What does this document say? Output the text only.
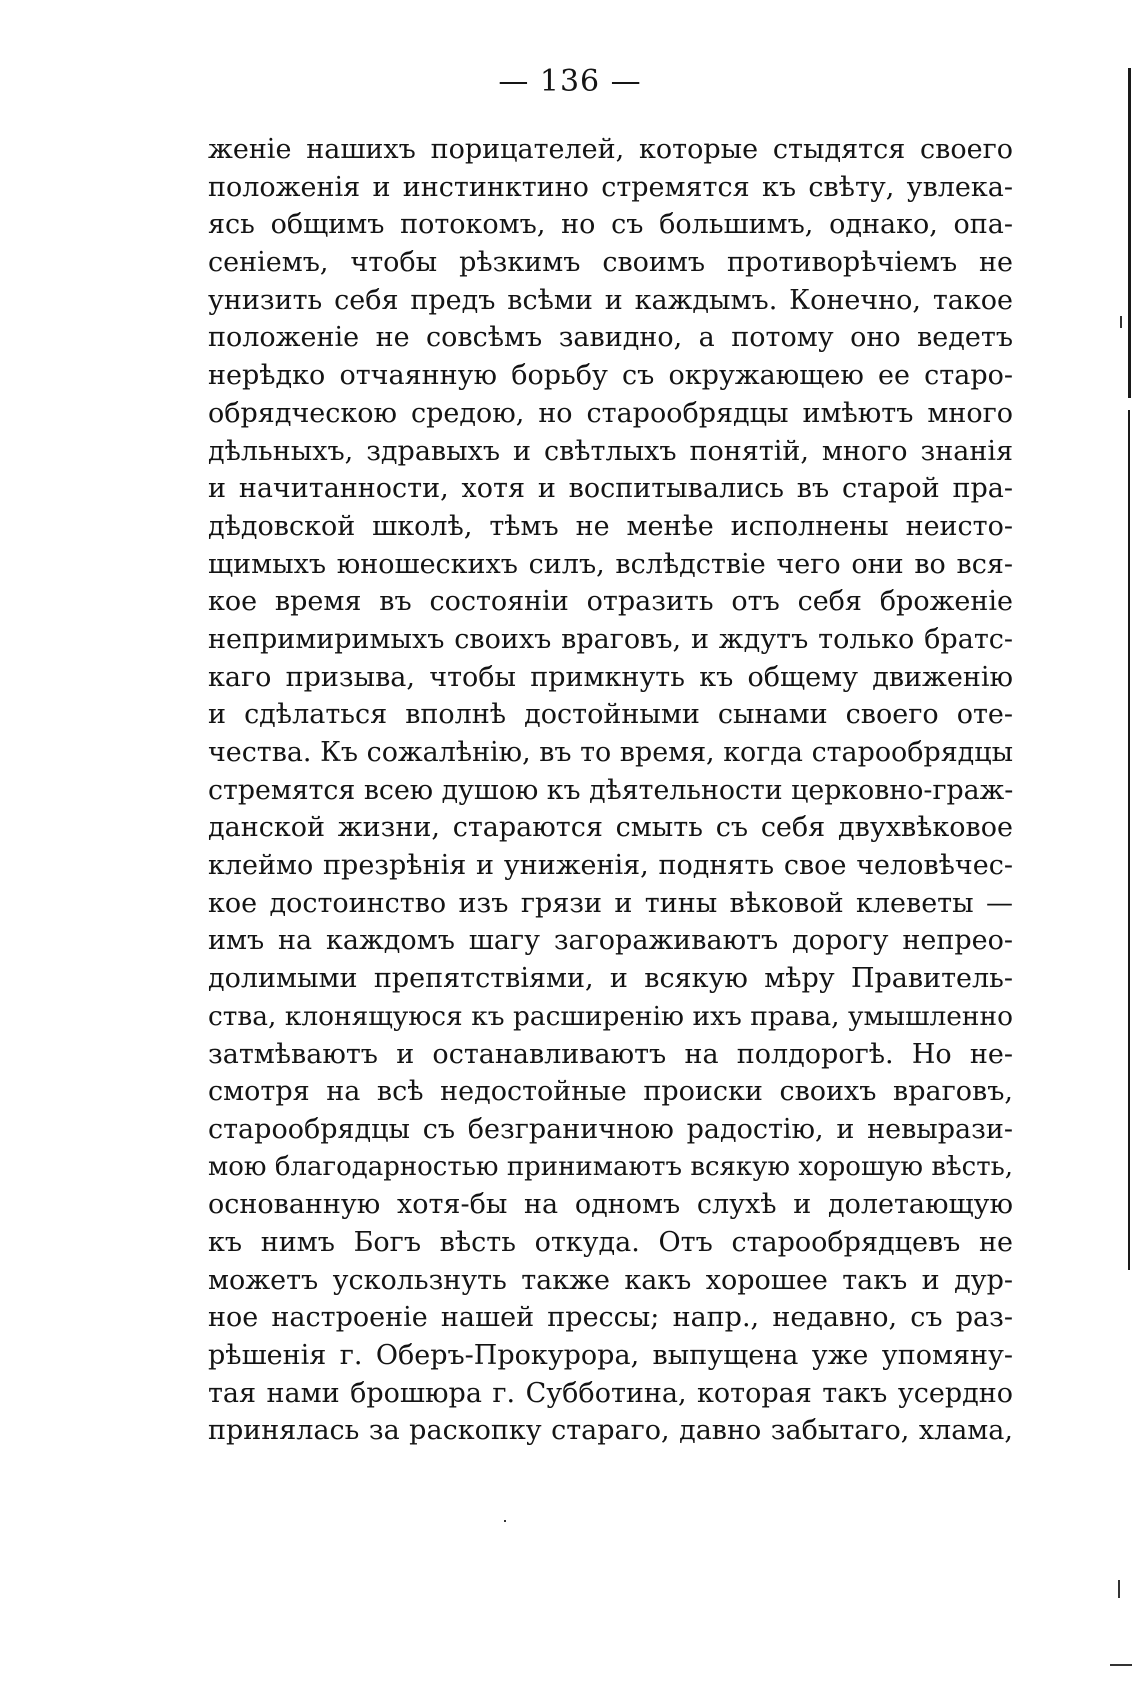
— 136 —
женіе нашихъ порицателей, которые стыдятся своего
положенія и инстинктино стремятся къ свѣту, увлека-
ясь общимъ потокомъ, но съ большимъ, однако, опа-
сеніемъ, чтобы рѣзкимъ своимъ противорѣчіемъ не
унизить себя предъ всѣми и каждымъ. Конечно, такое
положеніе не совсѣмъ завидно, а потому оно ведетъ
нерѣдко отчаянную борьбу съ окружающею ее старо-
обрядческою средою, но старообрядцы имѣютъ много
дѣльныхъ, здравыхъ и свѣтлыхъ понятій, много знанія
и начитанности, хотя и воспитывались въ старой пра-
дѣдовской школѣ, тѣмъ не менѣе исполнены неисто-
щимыхъ юношескихъ силъ, вслѣдствіе чего они во вся-
кое время въ состояніи отразить отъ себя броженіе
непримиримыхъ своихъ враговъ, и ждутъ только братс-
каго призыва, чтобы примкнуть къ общему движенію
и сдѣлаться вполнѣ достойными сынами своего оте-
чества. Къ сожалѣнію, въ то время, когда старообрядцы
стремятся всею душою къ дѣятельности церковно-граж-
данской жизни, стараются смыть съ себя двухвѣковое
клеймо презрѣнія и униженія, поднять свое человѣчес-
кое достоинство изъ грязи и тины вѣковой клеветы —
имъ на каждомъ шагу загораживаютъ дорогу непрео-
долимыми препятствіями, и всякую мѣру Правитель-
ства, клонящуюся къ расширенію ихъ права, умышленно
затмѣваютъ и останавливаютъ на полдорогѣ. Но не-
смотря на всѣ недостойные происки своихъ враговъ,
старообрядцы съ безграничною радостію, и невырази-
мою благодарностью принимаютъ всякую хорошую вѣсть,
основанную хотя-бы на одномъ слухѣ и долетающую
къ нимъ Богъ вѣсть откуда. Отъ старообрядцевъ не
можетъ ускользнуть также какъ хорошее такъ и дур-
ное настроеніе нашей прессы; напр., недавно, съ раз-
рѣшенія г. Оберъ-Прокурора, выпущена уже упомяну-
тая нами брошюра г. Субботина, которая такъ усердно
принялась за раскопку стараго, давно забытаго, хлама,
